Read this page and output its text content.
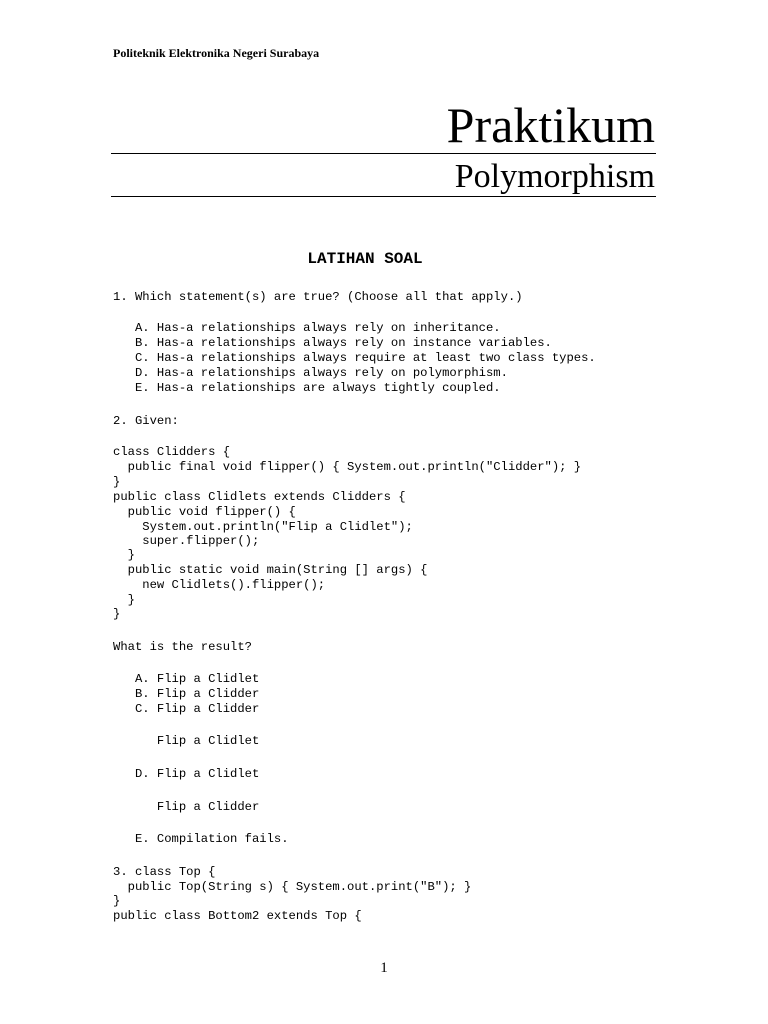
Politeknik Elektronika Negeri Surabaya
Praktikum
Polymorphism
LATIHAN SOAL
1. Which statement(s) are true? (Choose all that apply.)
A. Has-a relationships always rely on inheritance.
B. Has-a relationships always rely on instance variables.
C. Has-a relationships always require at least two class types.
D. Has-a relationships always rely on polymorphism.
E. Has-a relationships are always tightly coupled.
2. Given:
class Clidders {
public final void flipper() { System.out.println("Clidder"); }
}
public class Clidlets extends Clidders {
public void flipper() {
System.out.println("Flip a Clidlet");
super.flipper();
}
public static void main(String [] args) {
new Clidlets().flipper();
}
}
What is the result?
A. Flip a Clidlet
B. Flip a Clidder
C. Flip a Clidder
Flip a Clidlet
D. Flip a Clidlet
Flip a Clidder
E. Compilation fails.
3. class Top {
public Top(String s) { System.out.print("B"); }
}
public class Bottom2 extends Top {
1
